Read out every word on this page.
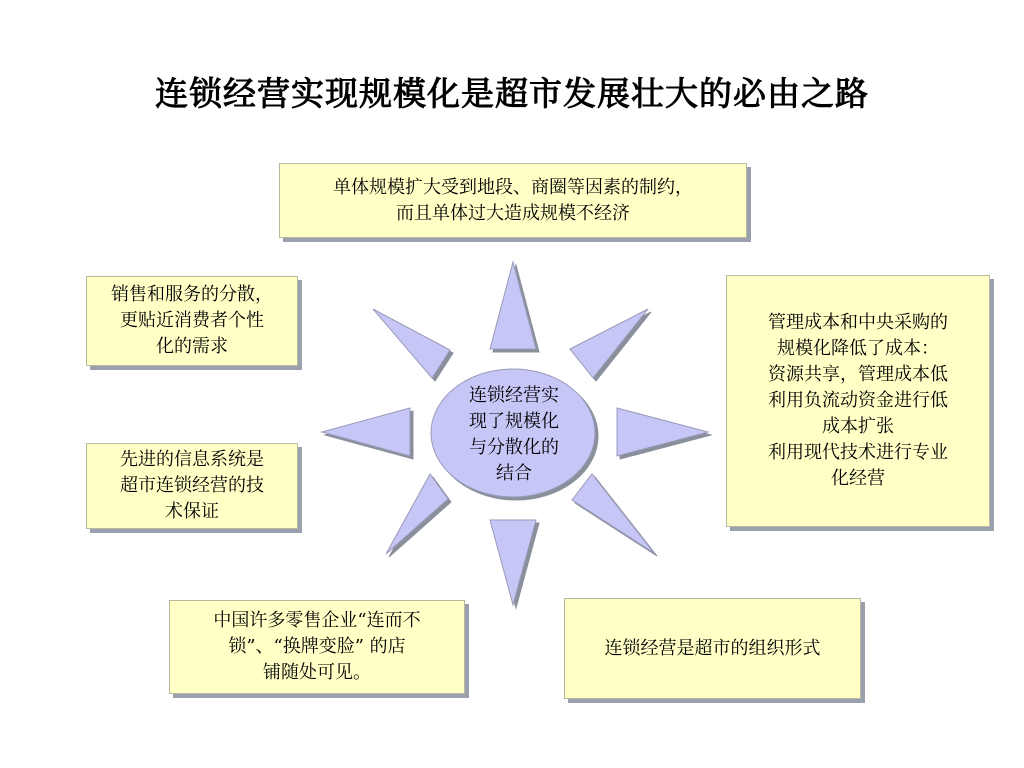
连锁经营实现规模化是超市发展壮大的必由之路
连锁经营实
现了规模化
与分散化的
结合
单体规模扩大受到地段、商圈等因素的制约，
而且单体过大造成规模不经济
销售和服务的分散，
更贴近消费者个性
化的需求
先进的信息系统是
超市连锁经营的技
术保证
中国许多零售企业“连而不
锁”、“换牌变脸” 的店
铺随处可见。
管理成本和中央采购的
规模化降低了成本：
资源共享，管理成本低
利用负流动资金进行低
成本扩张
利用现代技术进行专业
化经营
连锁经营是超市的组织形式
